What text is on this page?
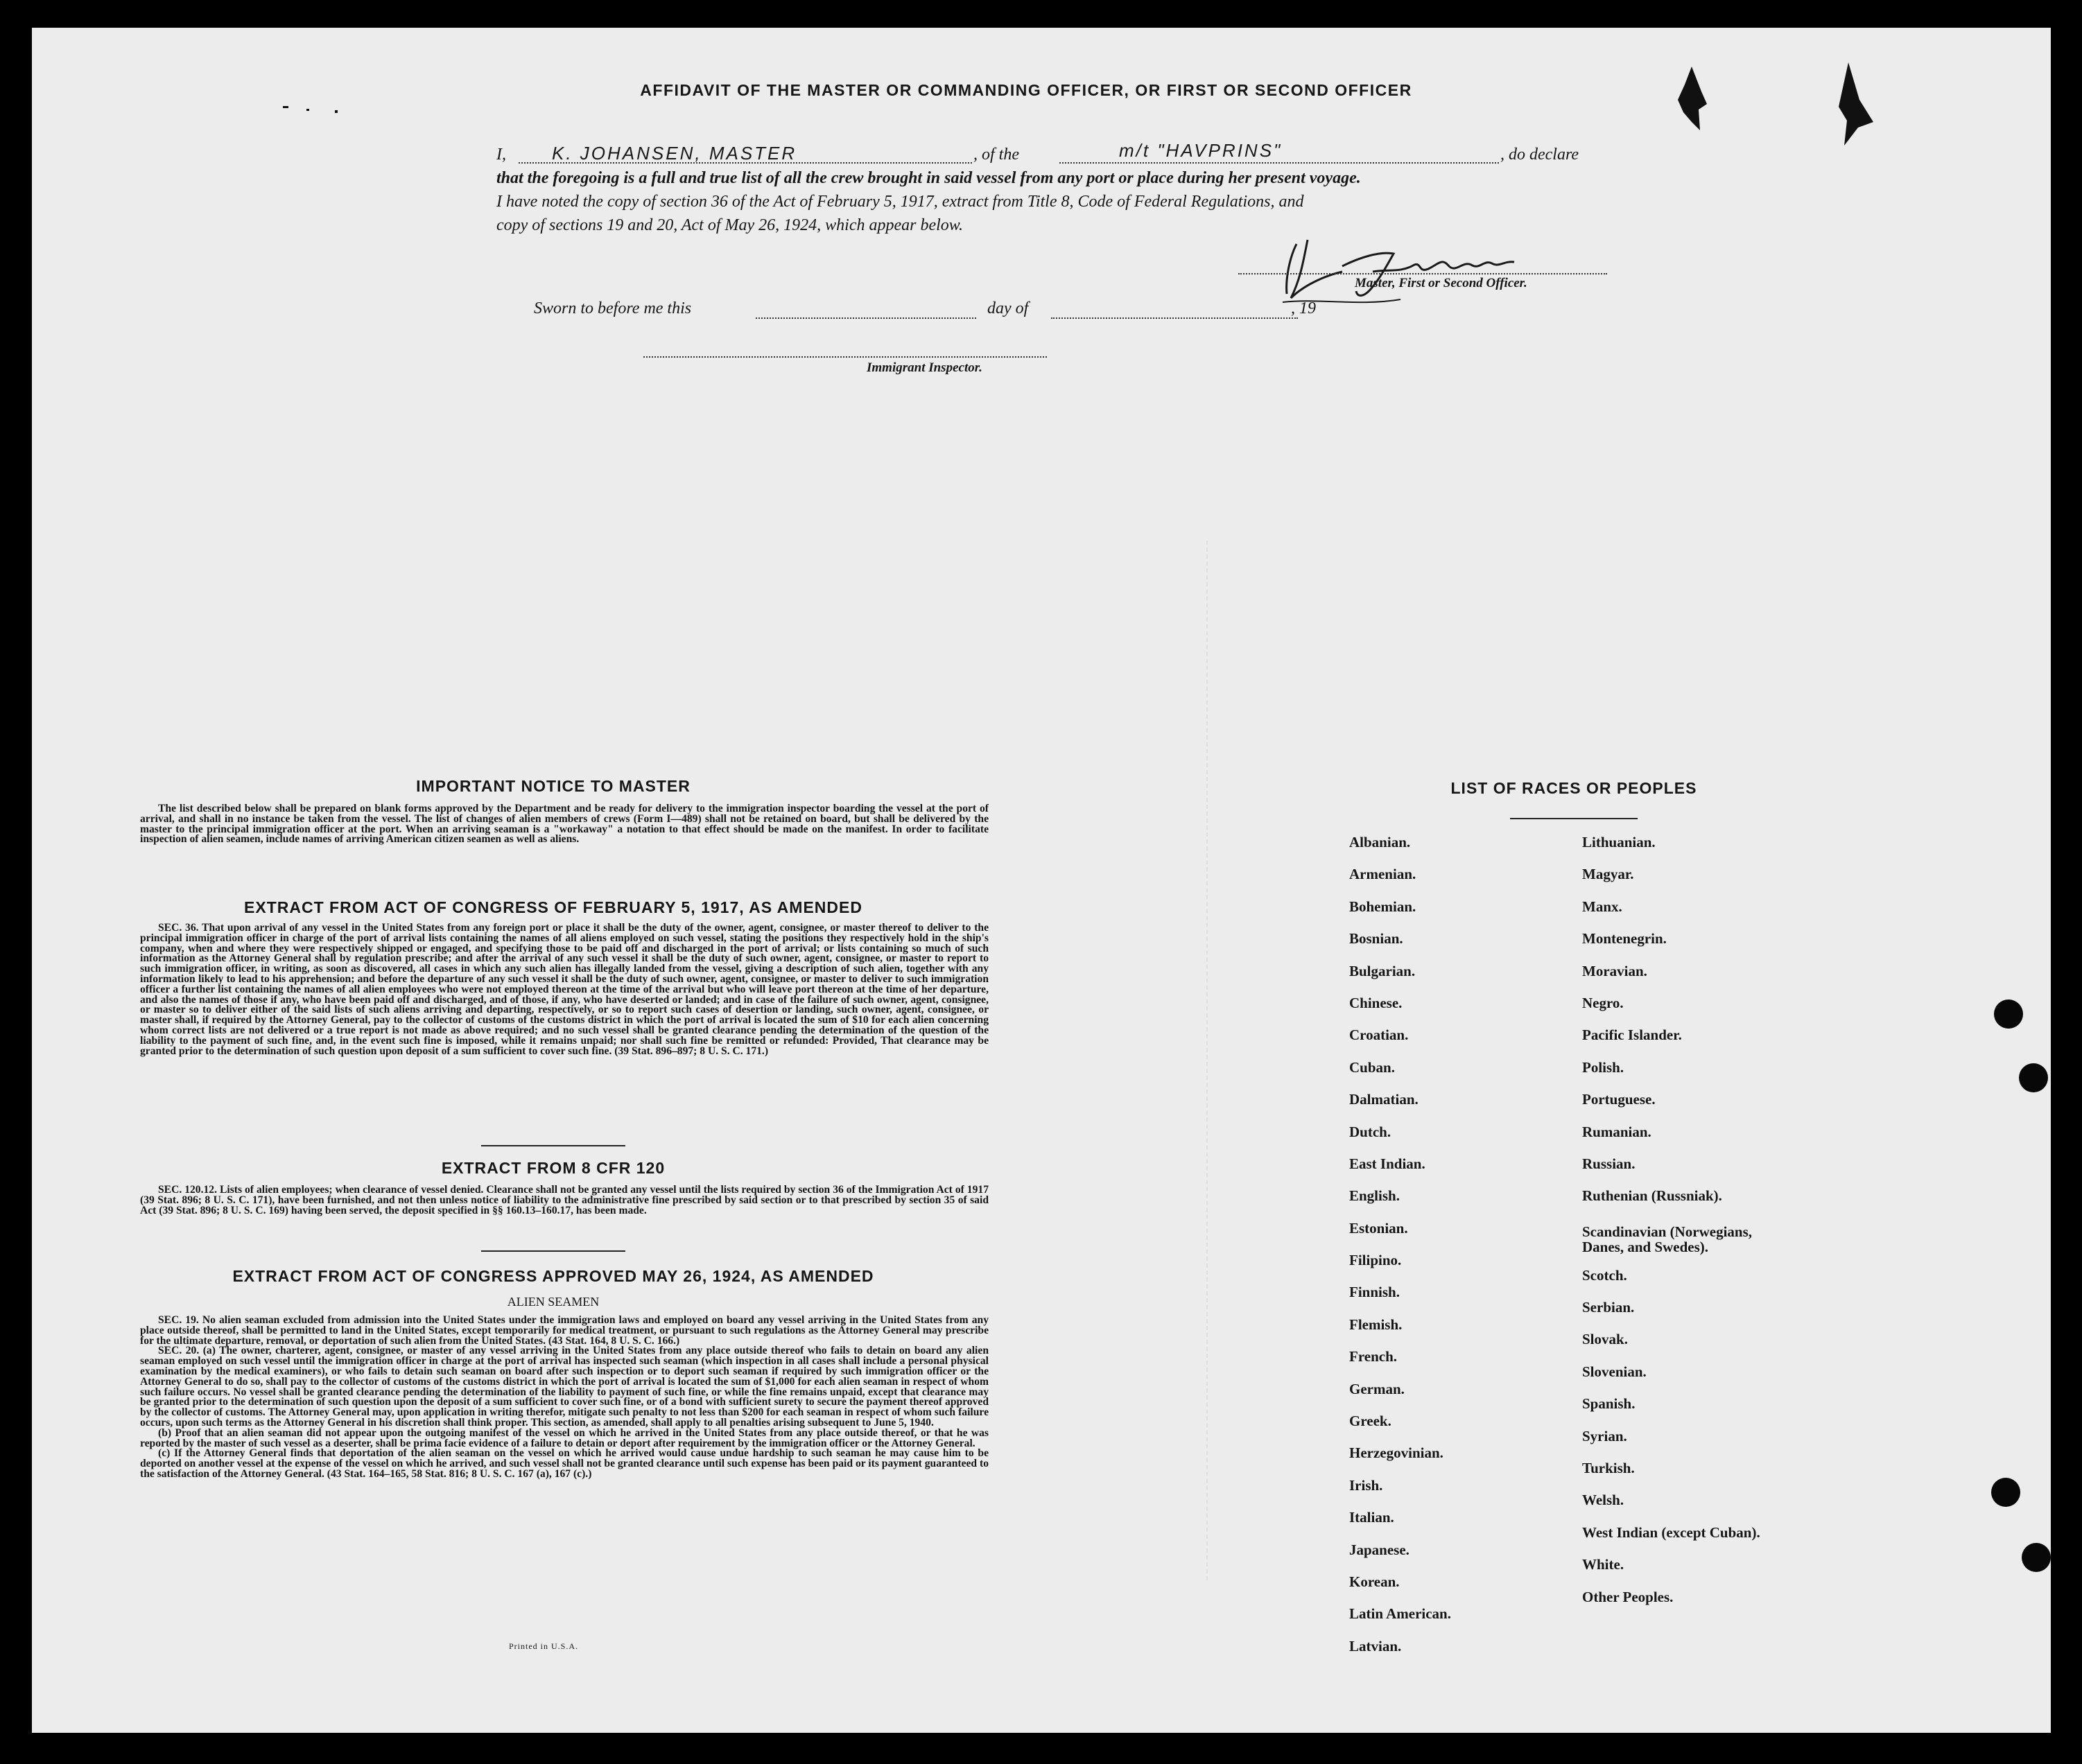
AFFIDAVIT OF THE MASTER OR COMMANDING OFFICER, OR FIRST OR SECOND OFFICER
I,	K. JOHANSEN, MASTER	, of the	m/t "HAVPRINS"	, do declare
that the foregoing is a full and true list of all the crew brought in said vessel from any port or place during her present voyage.
I have noted the copy of section 36 of the Act of February 5, 1917, extract from Title 8, Code of Federal Regulations, and
copy of sections 19 and 20, Act of May 26, 1924, which appear below.
Master, First or Second Officer.
Sworn to before me this	day of	, 19
Immigrant Inspector.
IMPORTANT NOTICE TO MASTER

The list described below shall be prepared on blank forms approved by the Department and be ready for delivery to the immigration inspector boarding the vessel at the port of arrival, and shall in no instance be taken from the vessel. The list of changes of alien members of crews (Form I—489) shall not be retained on board, but shall be delivered by the master to the principal immigration officer at the port. When an arriving seaman is a "workaway" a notation to that effect should be made on the manifest. In order to facilitate inspection of alien seamen, include names of arriving American citizen seamen as well as aliens.

EXTRACT FROM ACT OF CONGRESS OF FEBRUARY 5, 1917, AS AMENDED

SEC. 36. That upon arrival of any vessel in the United States from any foreign port or place it shall be the duty of the owner, agent, consignee, or master thereof to deliver to the principal immigration officer in charge of the port of arrival lists containing the names of all aliens employed on such vessel, stating the positions they respectively hold in the ship's company, when and where they were respectively shipped or engaged, and specifying those to be paid off and discharged in the port of arrival; or lists containing so much of such information as the Attorney General shall by regulation prescribe; and after the arrival of any such vessel it shall be the duty of such owner, agent, consignee, or master to report to such immigration officer, in writing, as soon as discovered, all cases in which any such alien has illegally landed from the vessel, giving a description of such alien, together with any information likely to lead to his apprehension; and before the departure of any such vessel it shall be the duty of such owner, agent, consignee, or master to deliver to such immigration officer a further list containing the names of all alien employees who were not employed thereon at the time of the arrival but who will leave port thereon at the time of her departure, and also the names of those if any, who have been paid off and discharged, and of those, if any, who have deserted or landed; and in case of the failure of such owner, agent, consignee, or master so to deliver either of the said lists of such aliens arriving and departing, respectively, or so to report such cases of desertion or landing, such owner, agent, consignee, or master shall, if required by the Attorney General, pay to the collector of customs of the customs district in which the port of arrival is located the sum of $10 for each alien concerning whom correct lists are not delivered or a true report is not made as above required; and no such vessel shall be granted clearance pending the determination of the question of the liability to the payment of such fine, and, in the event such fine is imposed, while it remains unpaid; nor shall such fine be remitted or refunded: Provided, That clearance may be granted prior to the determination of such question upon deposit of a sum sufficient to cover such fine. (39 Stat. 896–897; 8 U. S. C. 171.)

EXTRACT FROM 8 CFR 120

SEC. 120.12. Lists of alien employees; when clearance of vessel denied. Clearance shall not be granted any vessel until the lists required by section 36 of the Immigration Act of 1917 (39 Stat. 896; 8 U. S. C. 171), have been furnished, and not then unless notice of liability to the administrative fine prescribed by said section or to that prescribed by section 35 of said Act (39 Stat. 896; 8 U. S. C. 169) having been served, the deposit specified in §§ 160.13–160.17, has been made.

EXTRACT FROM ACT OF CONGRESS APPROVED MAY 26, 1924, AS AMENDED
ALIEN SEAMEN

SEC. 19. No alien seaman excluded from admission into the United States under the immigration laws and employed on board any vessel arriving in the United States from any place outside thereof, shall be permitted to land in the United States, except temporarily for medical treatment, or pursuant to such regulations as the Attorney General may prescribe for the ultimate departure, removal, or deportation of such alien from the United States. (43 Stat. 164, 8 U. S. C. 166.)

SEC. 20. (a) The owner, charterer, agent, consignee, or master of any vessel arriving in the United States from any place outside thereof who fails to detain on board any alien seaman employed on such vessel until the immigration officer in charge at the port of arrival has inspected such seaman (which inspection in all cases shall include a personal physical examination by the medical examiners), or who fails to detain such seaman on board after such inspection or to deport such seaman if required by such immigration officer or the Attorney General to do so, shall pay to the collector of customs of the customs district in which the port of arrival is located the sum of $1,000 for each alien seaman in respect of whom such failure occurs. No vessel shall be granted clearance pending the determination of the liability to payment of such fine, or while the fine remains unpaid, except that clearance may be granted prior to the determination of such question upon the deposit of a sum sufficient to cover such fine, or of a bond with sufficient surety to secure the payment thereof approved by the collector of customs. The Attorney General may, upon application in writing therefor, mitigate such penalty to not less than $200 for each seaman in respect of whom such failure occurs, upon such terms as the Attorney General in his discretion shall think proper. This section, as amended, shall apply to all penalties arising subsequent to June 5, 1940.

(b) Proof that an alien seaman did not appear upon the outgoing manifest of the vessel on which he arrived in the United States from any place outside thereof, or that he was reported by the master of such vessel as a deserter, shall be prima facie evidence of a failure to detain or deport after requirement by the immigration officer or the Attorney General.

(c) If the Attorney General finds that deportation of the alien seaman on the vessel on which he arrived would cause undue hardship to such seaman he may cause him to be deported on another vessel at the expense of the vessel on which he arrived, and such vessel shall not be granted clearance until such expense has been paid or its payment guaranteed to the satisfaction of the Attorney General. (43 Stat. 164–165, 58 Stat. 816; 8 U. S. C. 167 (a), 167 (c).)

Printed in U.S.A.
LIST OF RACES OR PEOPLES
Albanian.
Armenian.
Bohemian.
Bosnian.
Bulgarian.
Chinese.
Croatian.
Cuban.
Dalmatian.
Dutch.
East Indian.
English.
Estonian.
Filipino.
Finnish.
Flemish.
French.
German.
Greek.
Herzegovinian.
Irish.
Italian.
Japanese.
Korean.
Latin American.
Latvian.
Lithuanian.
Magyar.
Manx.
Montenegrin.
Moravian.
Negro.
Pacific Islander.
Polish.
Portuguese.
Rumanian.
Russian.
Ruthenian (Russniak).
Scandinavian (Norwegians, Danes, and Swedes).
Scotch.
Serbian.
Slovak.
Slovenian.
Spanish.
Syrian.
Turkish.
Welsh.
West Indian (except Cuban).
White.
Other Peoples.
